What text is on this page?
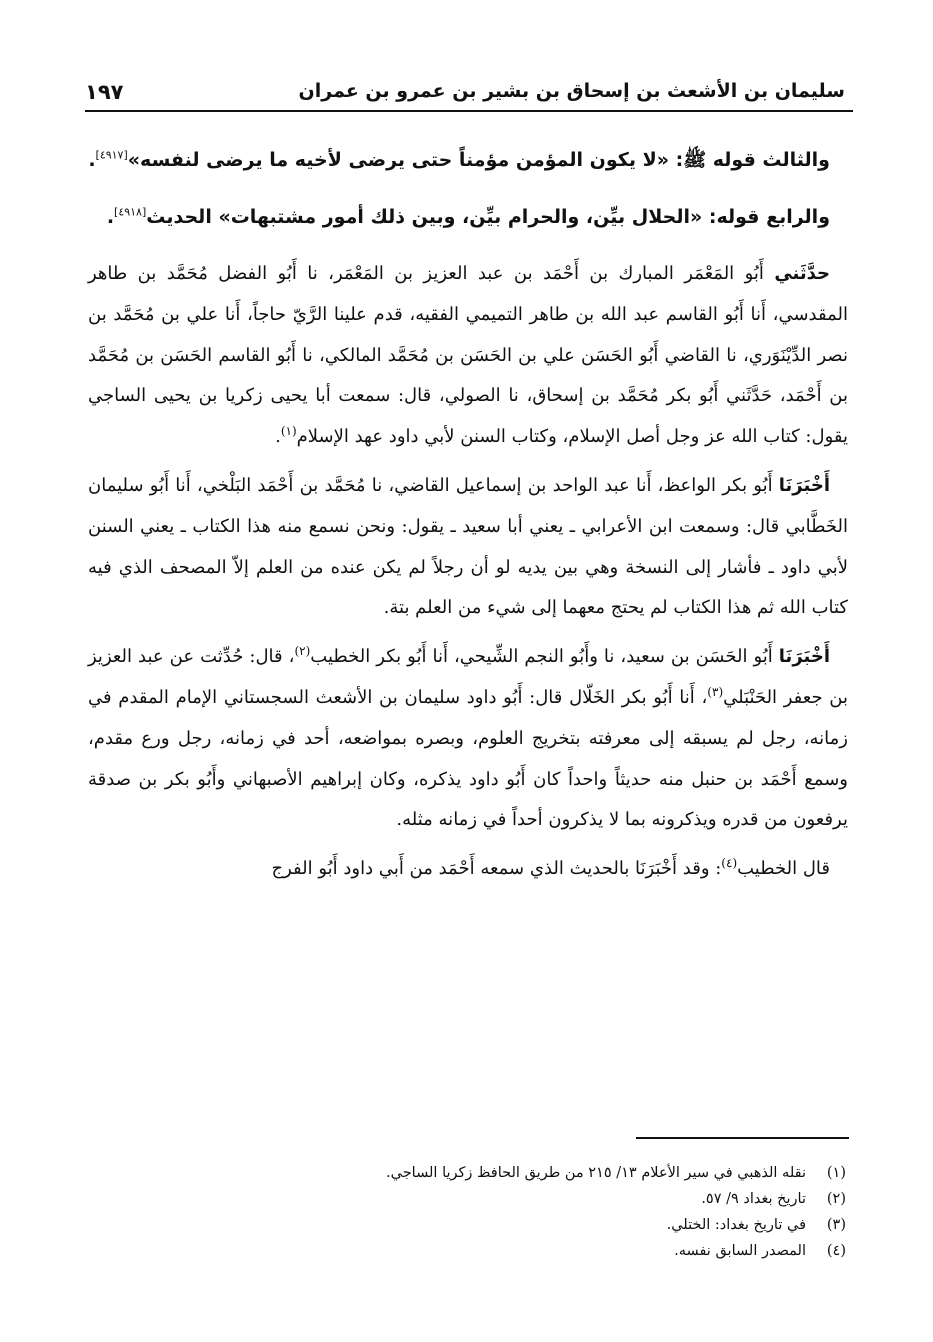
سليمان بن الأشعث بن إسحاق بن بشير بن عمرو بن عمران
١٩٧

والثالث قوله ﷺ: «لا يكون المؤمن مؤمناً حتى يرضى لأخيه ما يرضى لنفسه»[٤٩١٧].

والرابع قوله: «الحلال بيِّن، والحرام بيِّن، وبين ذلك أمور مشتبهات» الحديث[٤٩١٨].

حدَّثَني أَبُو المَعْمَر المبارك بن أَحْمَد بن عبد العزيز بن المَعْمَر، نا أَبُو الفضل مُحَمَّد بن طاهر المقدسي، أَنا أَبُو القاسم عبد الله بن طاهر التميمي الفقيه، قدم علينا الرَّيّ حاجاً، أَنا علي بن مُحَمَّد بن نصر الدِّيْنَوَري، نا القاضي أَبُو الحَسَن علي بن الحَسَن بن مُحَمَّد المالكي، نا أَبُو القاسم الحَسَن بن مُحَمَّد بن أَحْمَد، حَدَّثَني أَبُو بكر مُحَمَّد بن إسحاق، نا الصولي، قال: سمعت أبا يحيى زكريا بن يحيى الساجي يقول: كتاب الله عز وجل أصل الإسلام، وكتاب السنن لأبي داود عهد الإسلام$^{(١)}$.

أَخْبَرَنَا أَبُو بكر الواعظ، أَنا عبد الواحد بن إسماعيل القاضي، نا مُحَمَّد بن أَحْمَد البَلْخي، أَنا أَبُو سليمان الخَطَّابي قال: وسمعت ابن الأعرابي ـ يعني أبا سعيد ـ يقول: ونحن نسمع منه هذا الكتاب ـ يعني السنن لأبي داود ـ فأشار إلى النسخة وهي بين يديه لو أن رجلاً لم يكن عنده من العلم إلاّ المصحف الذي فيه كتاب الله ثم هذا الكتاب لم يحتج معهما إلى شيء من العلم بتة.

أَخْبَرَنَا أَبُو الحَسَن بن سعيد، نا وأَبُو النجم الشِّيحي، أَنا أَبُو بكر الخطيب$^{(٢)}$، قال: حُدِّثت عن عبد العزيز بن جعفر الحَنْبَلي$^{(٣)}$، أَنا أَبُو بكر الخَلّال قال: أَبُو داود سليمان بن الأشعث السجستاني الإمام المقدم في زمانه، رجل لم يسبقه إلى معرفته بتخريج العلوم، وبصره بمواضعه، أحد في زمانه، رجل ورع مقدم، وسمع أَحْمَد بن حنبل منه حديثاً واحداً كان أَبُو داود يذكره، وكان إبراهيم الأصبهاني وأَبُو بكر بن صدقة يرفعون من قدره ويذكرونه بما لا يذكرون أحداً في زمانه مثله.

قال الخطيب$^{(٤)}$: وقد أَخْبَرَنَا بالحديث الذي سمعه أَحْمَد من أَبي داود أَبُو الفرج

(١)
نقله الذهبي في سير الأعلام ١٣/ ٢١٥ من طريق الحافظ زكريا الساجي.
(٢)
تاريخ بغداد ٩/ ٥٧.
(٣)
في تاريخ بغداد: الختلي.
(٤)
المصدر السابق نفسه.
